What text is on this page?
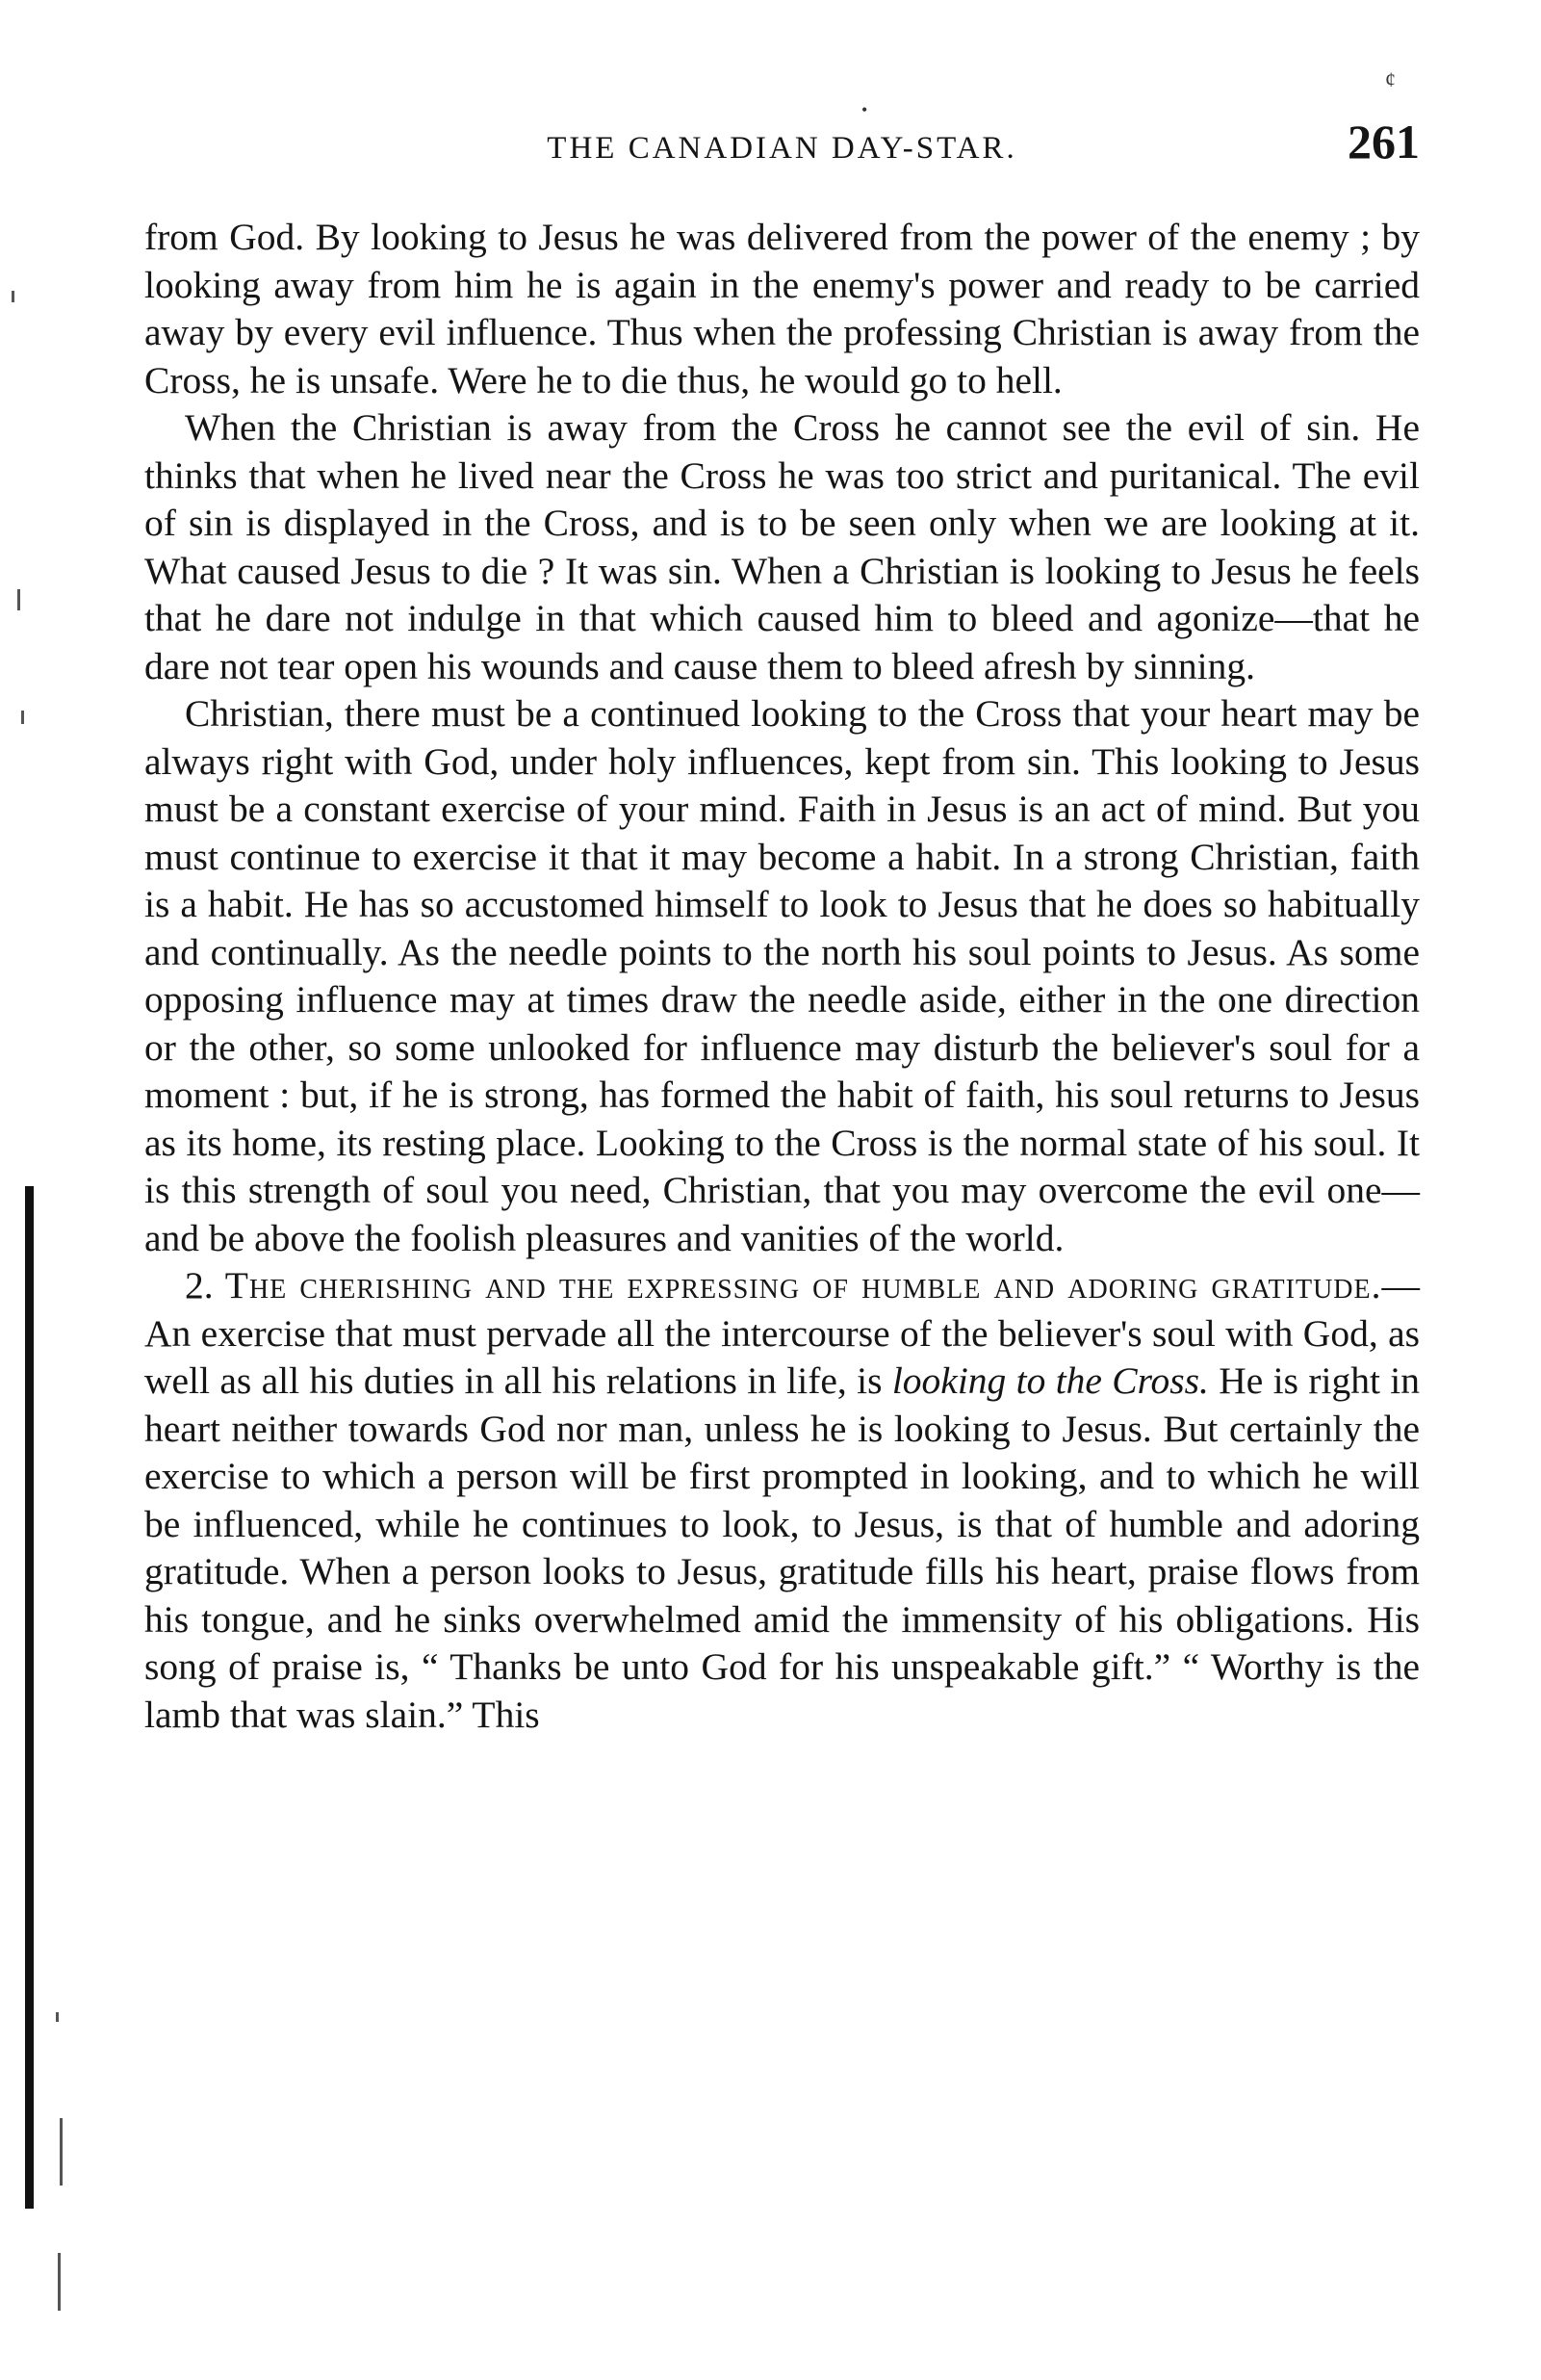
¢
•
THE CANADIAN DAY-STAR.	261

from God. By looking to Jesus he was delivered from the power of the enemy ; by looking away from him he is again in the enemy's power and ready to be carried away by every evil influence. Thus when the professing Christian is away from the Cross, he is unsafe. Were he to die thus, he would go to hell.

When the Christian is away from the Cross he cannot see the evil of sin. He thinks that when he lived near the Cross he was too strict and puritanical. The evil of sin is displayed in the Cross, and is to be seen only when we are looking at it. What caused Jesus to die ? It was sin. When a Christian is looking to Jesus he feels that he dare not indulge in that which caused him to bleed and agonize—that he dare not tear open his wounds and cause them to bleed afresh by sinning.

Christian, there must be a continued looking to the Cross that your heart may be always right with God, under holy influences, kept from sin. This looking to Jesus must be a constant exercise of your mind. Faith in Jesus is an act of mind. But you must continue to exercise it that it may become a habit. In a strong Christian, faith is a habit. He has so accustomed himself to look to Jesus that he does so habitually and continually. As the needle points to the north his soul points to Jesus. As some opposing influence may at times draw the needle aside, either in the one direction or the other, so some unlooked for influence may disturb the believer's soul for a moment : but, if he is strong, has formed the habit of faith, his soul returns to Jesus as its home, its resting place. Looking to the Cross is the normal state of his soul. It is this strength of soul you need, Christian, that you may overcome the evil one—and be above the foolish pleasures and vanities of the world.

2. The cherishing and the expressing of humble and adoring gratitude.—An exercise that must pervade all the intercourse of the believer's soul with God, as well as all his duties in all his relations in life, is looking to the Cross. He is right in heart neither towards God nor man, unless he is looking to Jesus. But certainly the exercise to which a person will be first prompted in looking, and to which he will be influenced, while he continues to look, to Jesus, is that of humble and adoring gratitude. When a person looks to Jesus, gratitude fills his heart, praise flows from his tongue, and he sinks overwhelmed amid the immensity of his obligations. His song of praise is, “ Thanks be unto God for his unspeakable gift.” “ Worthy is the lamb that was slain.” This
